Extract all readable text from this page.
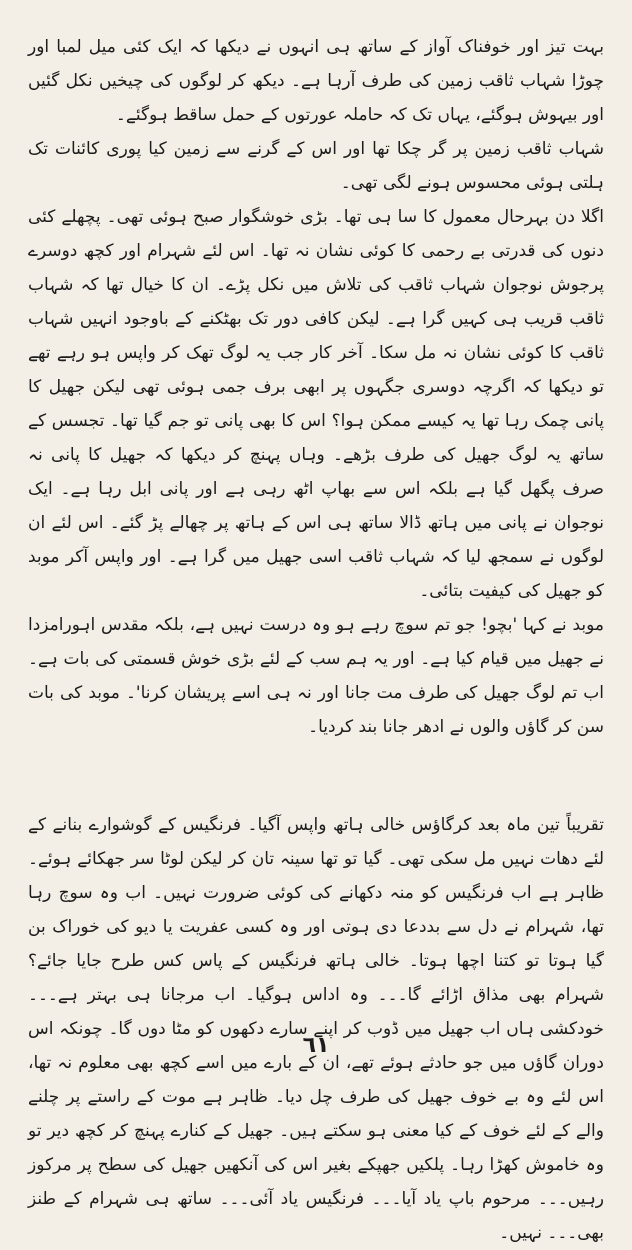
بہت تیز اور خوفناک آواز کے ساتھ ہی انہوں نے دیکھا کہ ایک کئی میل لمبا اور چوڑا شہاب ثاقب زمین کی طرف آرہا ہے۔ دیکھ کر لوگوں کی چیخیں نکل گئیں اور بیہوش ہوگئے، یہاں تک کہ حاملہ عورتوں کے حمل ساقط ہوگئے۔

شہاب ثاقب زمین پر گر چکا تھا اور اس کے گرنے سے زمین کیا پوری کائنات تک ہلتی ہوئی محسوس ہونے لگی تھی۔

اگلا دن بہرحال معمول کا سا ہی تھا۔ بڑی خوشگوار صبح ہوئی تھی۔ پچھلے کئی دنوں کی قدرتی بے رحمی کا کوئی نشان نہ تھا۔ اس لئے شہرام اور کچھ دوسرے پرجوش نوجوان شہاب ثاقب کی تلاش میں نکل پڑے۔ ان کا خیال تھا کہ شہاب ثاقب قریب ہی کہیں گرا ہے۔ لیکن کافی دور تک بھٹکنے کے باوجود انہیں شہاب ثاقب کا کوئی نشان نہ مل سکا۔ آخر کار جب یہ لوگ تھک کر واپس ہو رہے تھے تو دیکھا کہ اگرچہ دوسری جگہوں پر ابھی برف جمی ہوئی تھی لیکن جھیل کا پانی چمک رہا تھا یہ کیسے ممکن ہوا؟ اس کا بھی پانی تو جم گیا تھا۔ تجسس کے ساتھ یہ لوگ جھیل کی طرف بڑھے۔ وہاں پہنچ کر دیکھا کہ جھیل کا پانی نہ صرف پگھل گیا ہے بلکہ اس سے بھاپ اٹھ رہی ہے اور پانی ابل رہا ہے۔ ایک نوجوان نے پانی میں ہاتھ ڈالا ساتھ ہی اس کے ہاتھ پر چھالے پڑ گئے۔ اس لئے ان لوگوں نے سمجھ لیا کہ شہاب ثاقب اسی جھیل میں گرا ہے۔ اور واپس آکر موبد کو جھیل کی کیفیت بتائی۔

موبد نے کہا 'بچو! جو تم سوچ رہے ہو وہ درست نہیں ہے، بلکہ مقدس اہورامزدا نے جھیل میں قیام کیا ہے۔ اور یہ ہم سب کے لئے بڑی خوش قسمتی کی بات ہے۔ اب تم لوگ جھیل کی طرف مت جانا اور نہ ہی اسے پریشان کرنا'۔ موبد کی بات سن کر گاؤں والوں نے ادھر جانا بند کردیا۔

تقریباً تین ماہ بعد کرگاؤس خالی ہاتھ واپس آگیا۔ فرنگیس کے گوشوارے بنانے کے لئے دھات نہیں مل سکی تھی۔ گیا تو تھا سینہ تان کر لیکن لوٹا سر جھکائے ہوئے۔ ظاہر ہے اب فرنگیس کو منہ دکھانے کی کوئی ضرورت نہیں۔ اب وہ سوچ رہا تھا، شہرام نے دل سے بددعا دی ہوتی اور وہ کسی عفریت یا دیو کی خوراک بن گیا ہوتا تو کتنا اچھا ہوتا۔ خالی ہاتھ فرنگیس کے پاس کس طرح جایا جائے؟ شہرام بھی مذاق اڑائے گا۔۔۔ وہ اداس ہوگیا۔ اب مرجانا ہی بہتر ہے۔۔۔ خودکشی ہاں اب جھیل میں ڈوب کر اپنے سارے دکھوں کو مٹا دوں گا۔ چونکہ اس دوران گاؤں میں جو حادثے ہوئے تھے، ان کے بارے میں اسے کچھ بھی معلوم نہ تھا، اس لئے وہ بے خوف جھیل کی طرف چل دیا۔ ظاہر ہے موت کے راستے پر چلنے والے کے لئے خوف کے کیا معنی ہو سکتے ہیں۔ جھیل کے کنارے پہنچ کر کچھ دیر تو وہ خاموش کھڑا رہا۔ پلکیں جھپکے بغیر اس کی آنکھیں جھیل کی سطح پر مرکوز رہیں۔۔۔ مرحوم باپ یاد آیا۔۔۔ فرنگیس یاد آئی۔۔۔ ساتھ ہی شہرام کے طنز بھی۔۔۔ نہیں۔

٦١
